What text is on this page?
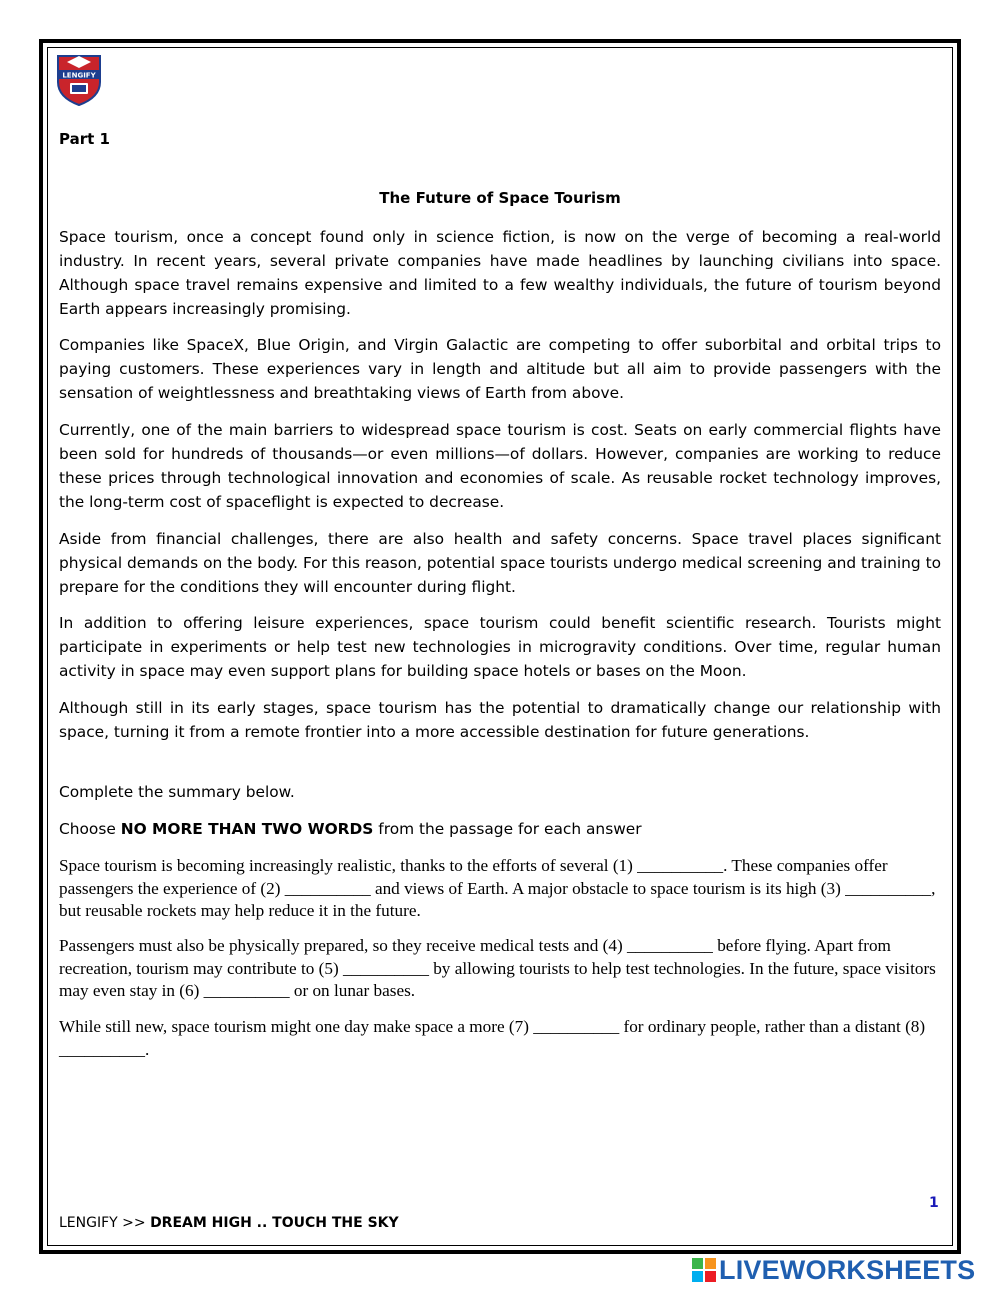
LENGIFY
Part 1
The Future of Space Tourism

Space tourism, once a concept found only in science fiction, is now on the verge of becoming a real-world industry. In recent years, several private companies have made headlines by launching civilians into space. Although space travel remains expensive and limited to a few wealthy individuals, the future of tourism beyond Earth appears increasingly promising.

Companies like SpaceX, Blue Origin, and Virgin Galactic are competing to offer suborbital and orbital trips to paying customers. These experiences vary in length and altitude but all aim to provide passengers with the sensation of weightlessness and breathtaking views of Earth from above.

Currently, one of the main barriers to widespread space tourism is cost. Seats on early commercial flights have been sold for hundreds of thousands—or even millions—of dollars. However, companies are working to reduce these prices through technological innovation and economies of scale. As reusable rocket technology improves, the long-term cost of spaceflight is expected to decrease.

Aside from financial challenges, there are also health and safety concerns. Space travel places significant physical demands on the body. For this reason, potential space tourists undergo medical screening and training to prepare for the conditions they will encounter during flight.

In addition to offering leisure experiences, space tourism could benefit scientific research. Tourists might participate in experiments or help test new technologies in microgravity conditions. Over time, regular human activity in space may even support plans for building space hotels or bases on the Moon.

Although still in its early stages, space tourism has the potential to dramatically change our relationship with space, turning it from a remote frontier into a more accessible destination for future generations.

Complete the summary below.

Choose NO MORE THAN TWO WORDS from the passage for each answer

Space tourism is becoming increasingly realistic, thanks to the efforts of several (1) __________. These companies offer passengers the experience of (2) __________ and views of Earth. A major obstacle to space tourism is its high (3) __________, but reusable rockets may help reduce it in the future.

Passengers must also be physically prepared, so they receive medical tests and (4) __________ before flying. Apart from recreation, tourism may contribute to (5) __________ by allowing tourists to help test technologies. In the future, space visitors may even stay in (6) __________ or on lunar bases.

While still new, space tourism might one day make space a more (7) __________ for ordinary people, rather than a distant (8) __________.

1
LENGIFY >> DREAM HIGH .. TOUCH THE SKY
LIVEWORKSHEETS
